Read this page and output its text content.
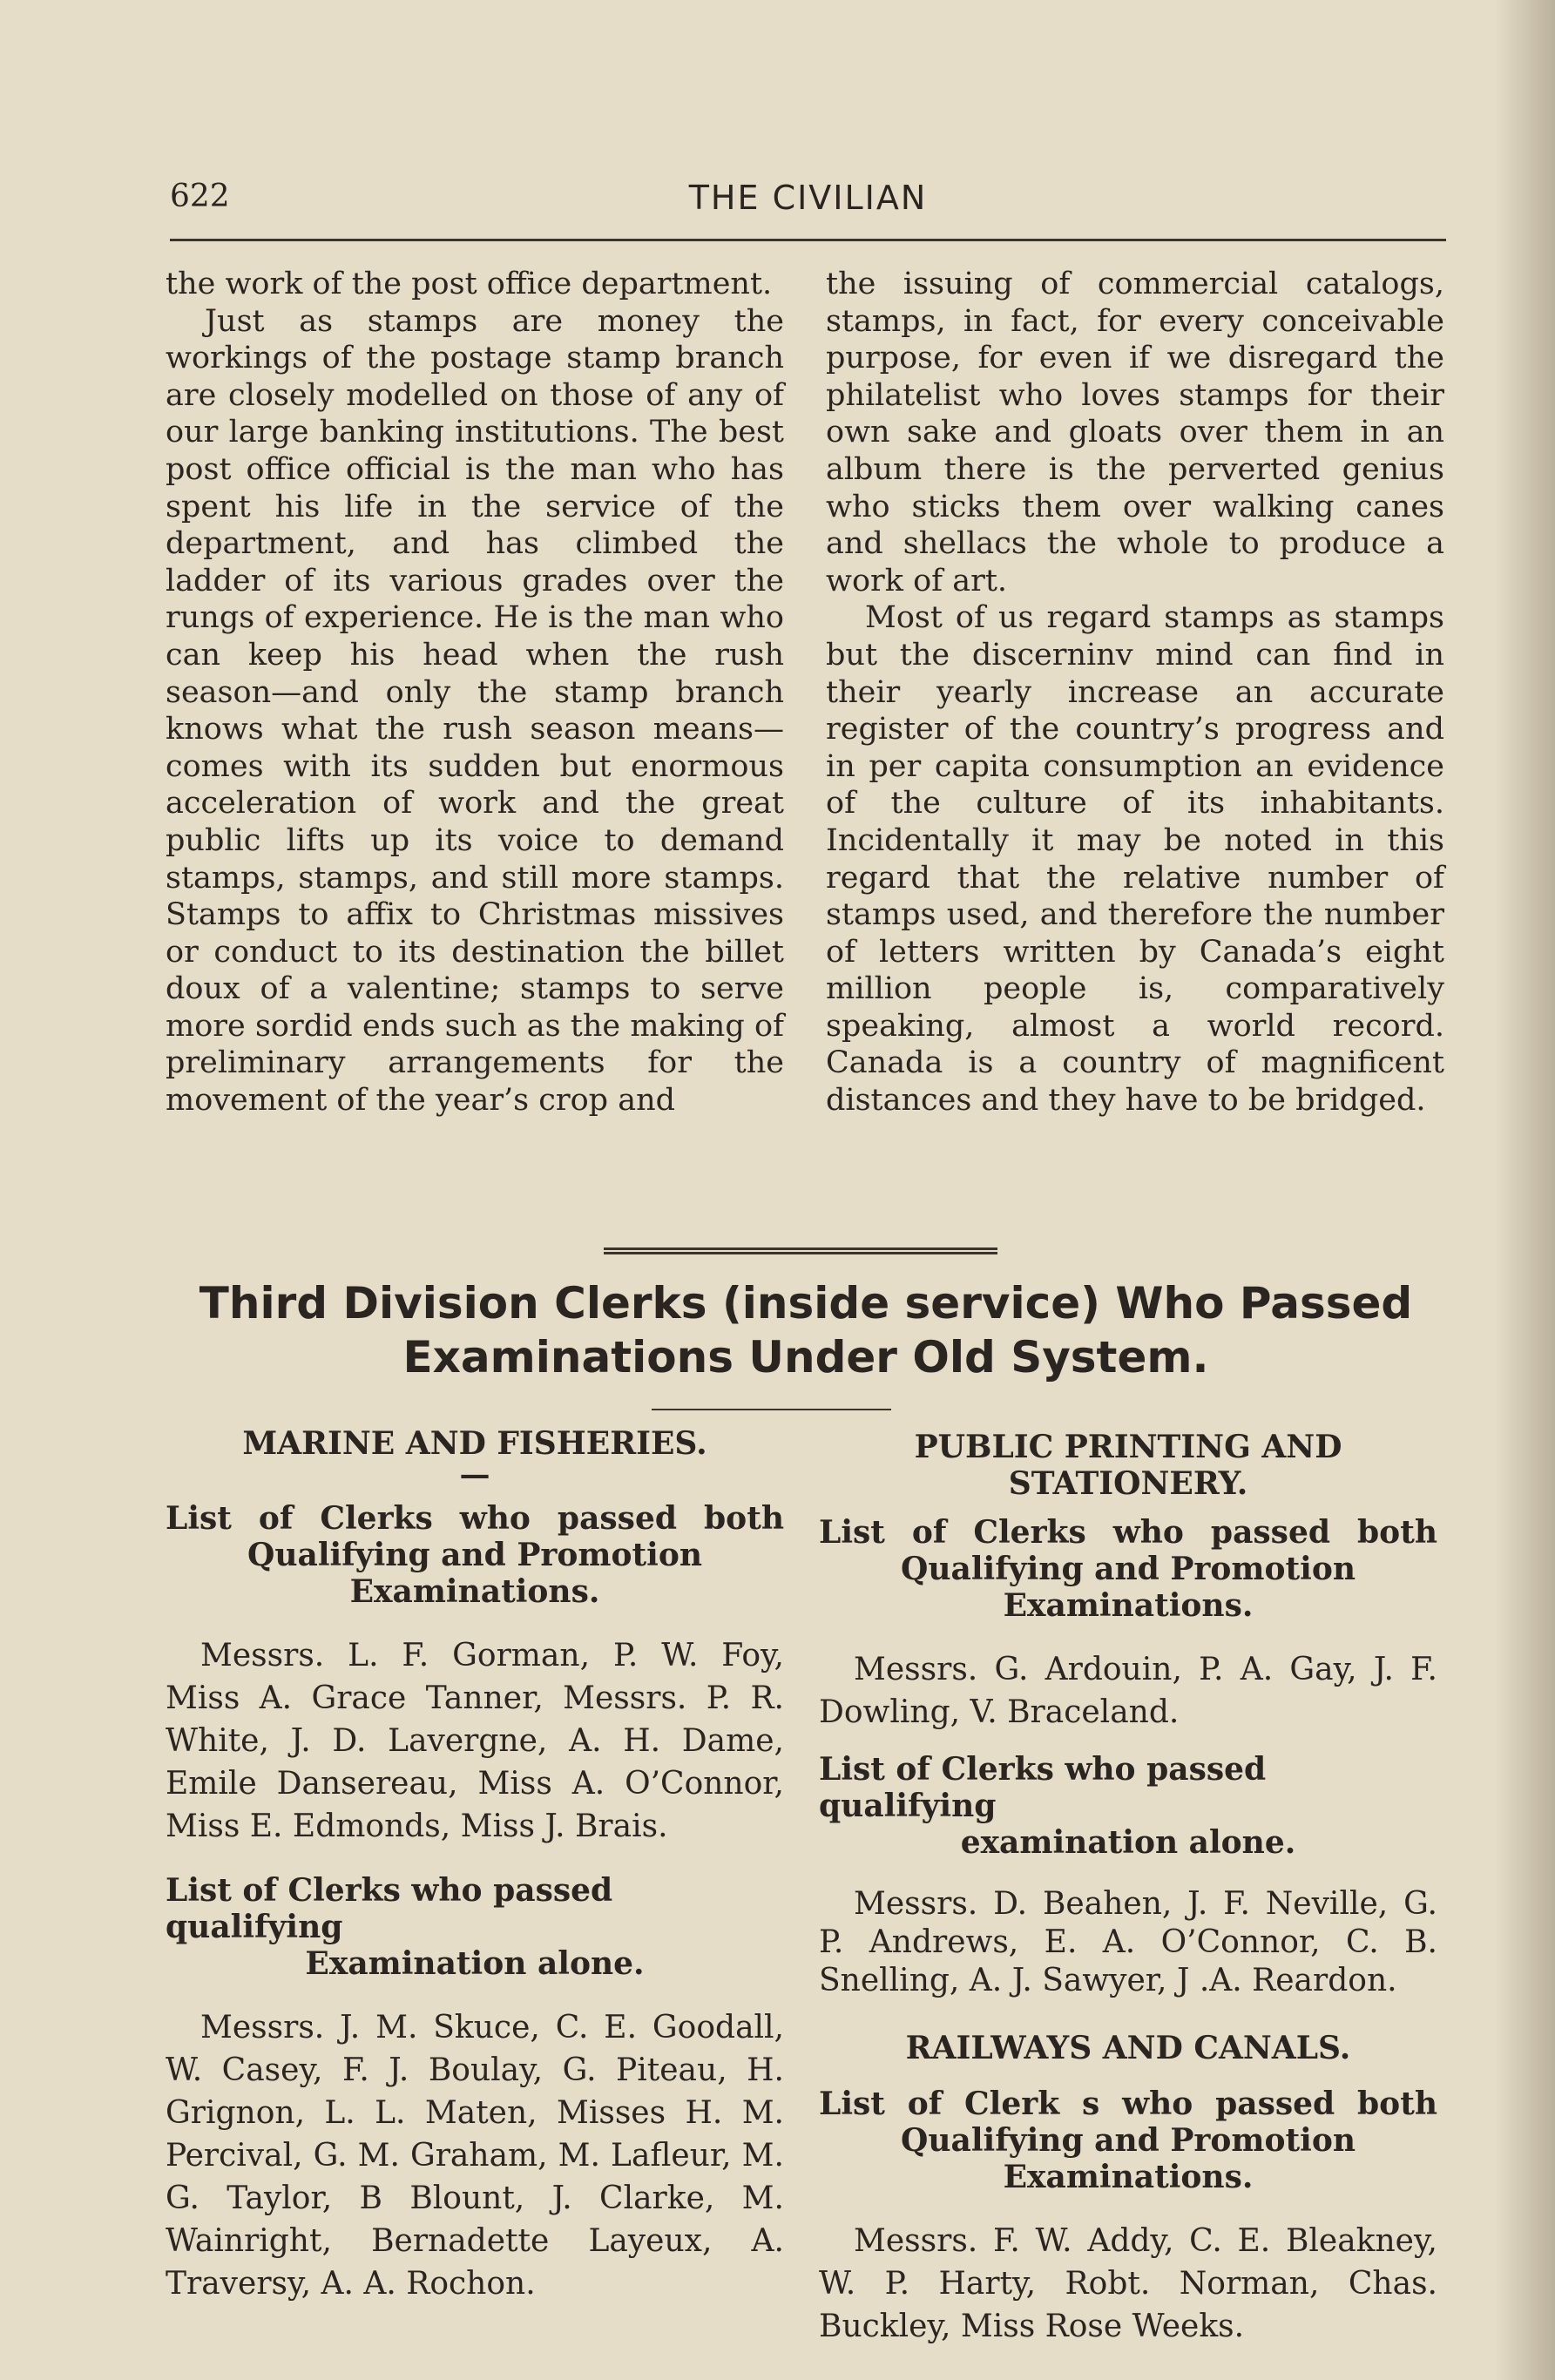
622	THE CIVILIAN

the work of the post office department.

Just as stamps are money the workings of the postage stamp branch are closely modelled on those of any of our large banking institutions. The best post office official is the man who has spent his life in the service of the department, and has climbed the ladder of its various grades over the rungs of experience. He is the man who can keep his head when the rush season—and only the stamp branch knows what the rush season means—comes with its sudden but enormous acceleration of work and the great public lifts up its voice to demand stamps, stamps, and still more stamps. Stamps to affix to Christmas missives or conduct to its destination the billet doux of a valentine; stamps to serve more sordid ends such as the making of preliminary arrangements for the movement of the year’s crop and

the issuing of commercial catalogs, stamps, in fact, for every conceivable purpose, for even if we disregard the philatelist who loves stamps for their own sake and gloats over them in an album there is the perverted genius who sticks them over walking canes and shellacs the whole to produce a work of art.

Most of us regard stamps as stamps but the discerninv mind can find in their yearly increase an accurate register of the country’s progress and in per capita consumption an evidence of the culture of its inhabitants. Incidentally it may be noted in this regard that the relative number of stamps used, and therefore the number of letters written by Canada’s eight million people is, comparatively speaking, almost a world record. Canada is a country of magnificent distances and they have to be bridged.

Third Division Clerks (inside service) Who Passed
Examinations Under Old System.

MARINE AND FISHERIES.

—

List of Clerks who passed both

Qualifying and Promotion

Examinations.

Messrs. L. F. Gorman, P. W. Foy, Miss A. Grace Tanner, Messrs. P. R. White, J. D. Lavergne, A. H. Dame, Emile Dansereau, Miss A. O’Connor, Miss E. Edmonds, Miss J. Brais.

List of Clerks who passed qualifying

Examination alone.

Messrs. J. M. Skuce, C. E. Goodall, W. Casey, F. J. Boulay, G. Piteau, H. Grignon, L. L. Maten, Misses H. M. Percival, G. M. Graham, M. Lafleur, M. G. Taylor, B Blount, J. Clarke, M. Wainright, Bernadette Layeux, A. Traversy, A. A. Rochon.

PUBLIC PRINTING AND

STATIONERY.

List of Clerks who passed both

Qualifying and Promotion

Examinations.

Messrs. G. Ardouin, P. A. Gay, J. F. Dowling, V. Braceland.

List of Clerks who passed qualifying

examination alone.

Messrs. D. Beahen, J. F. Neville, G. P. Andrews, E. A. O’Connor, C. B. Snelling, A. J. Sawyer, J .A. Reardon.

RAILWAYS AND CANALS.

List of Clerk s who passed both

Qualifying and Promotion

Examinations.

Messrs. F. W. Addy, C. E. Bleakney, W. P. Harty, Robt. Norman, Chas. Buckley, Miss Rose Weeks.
